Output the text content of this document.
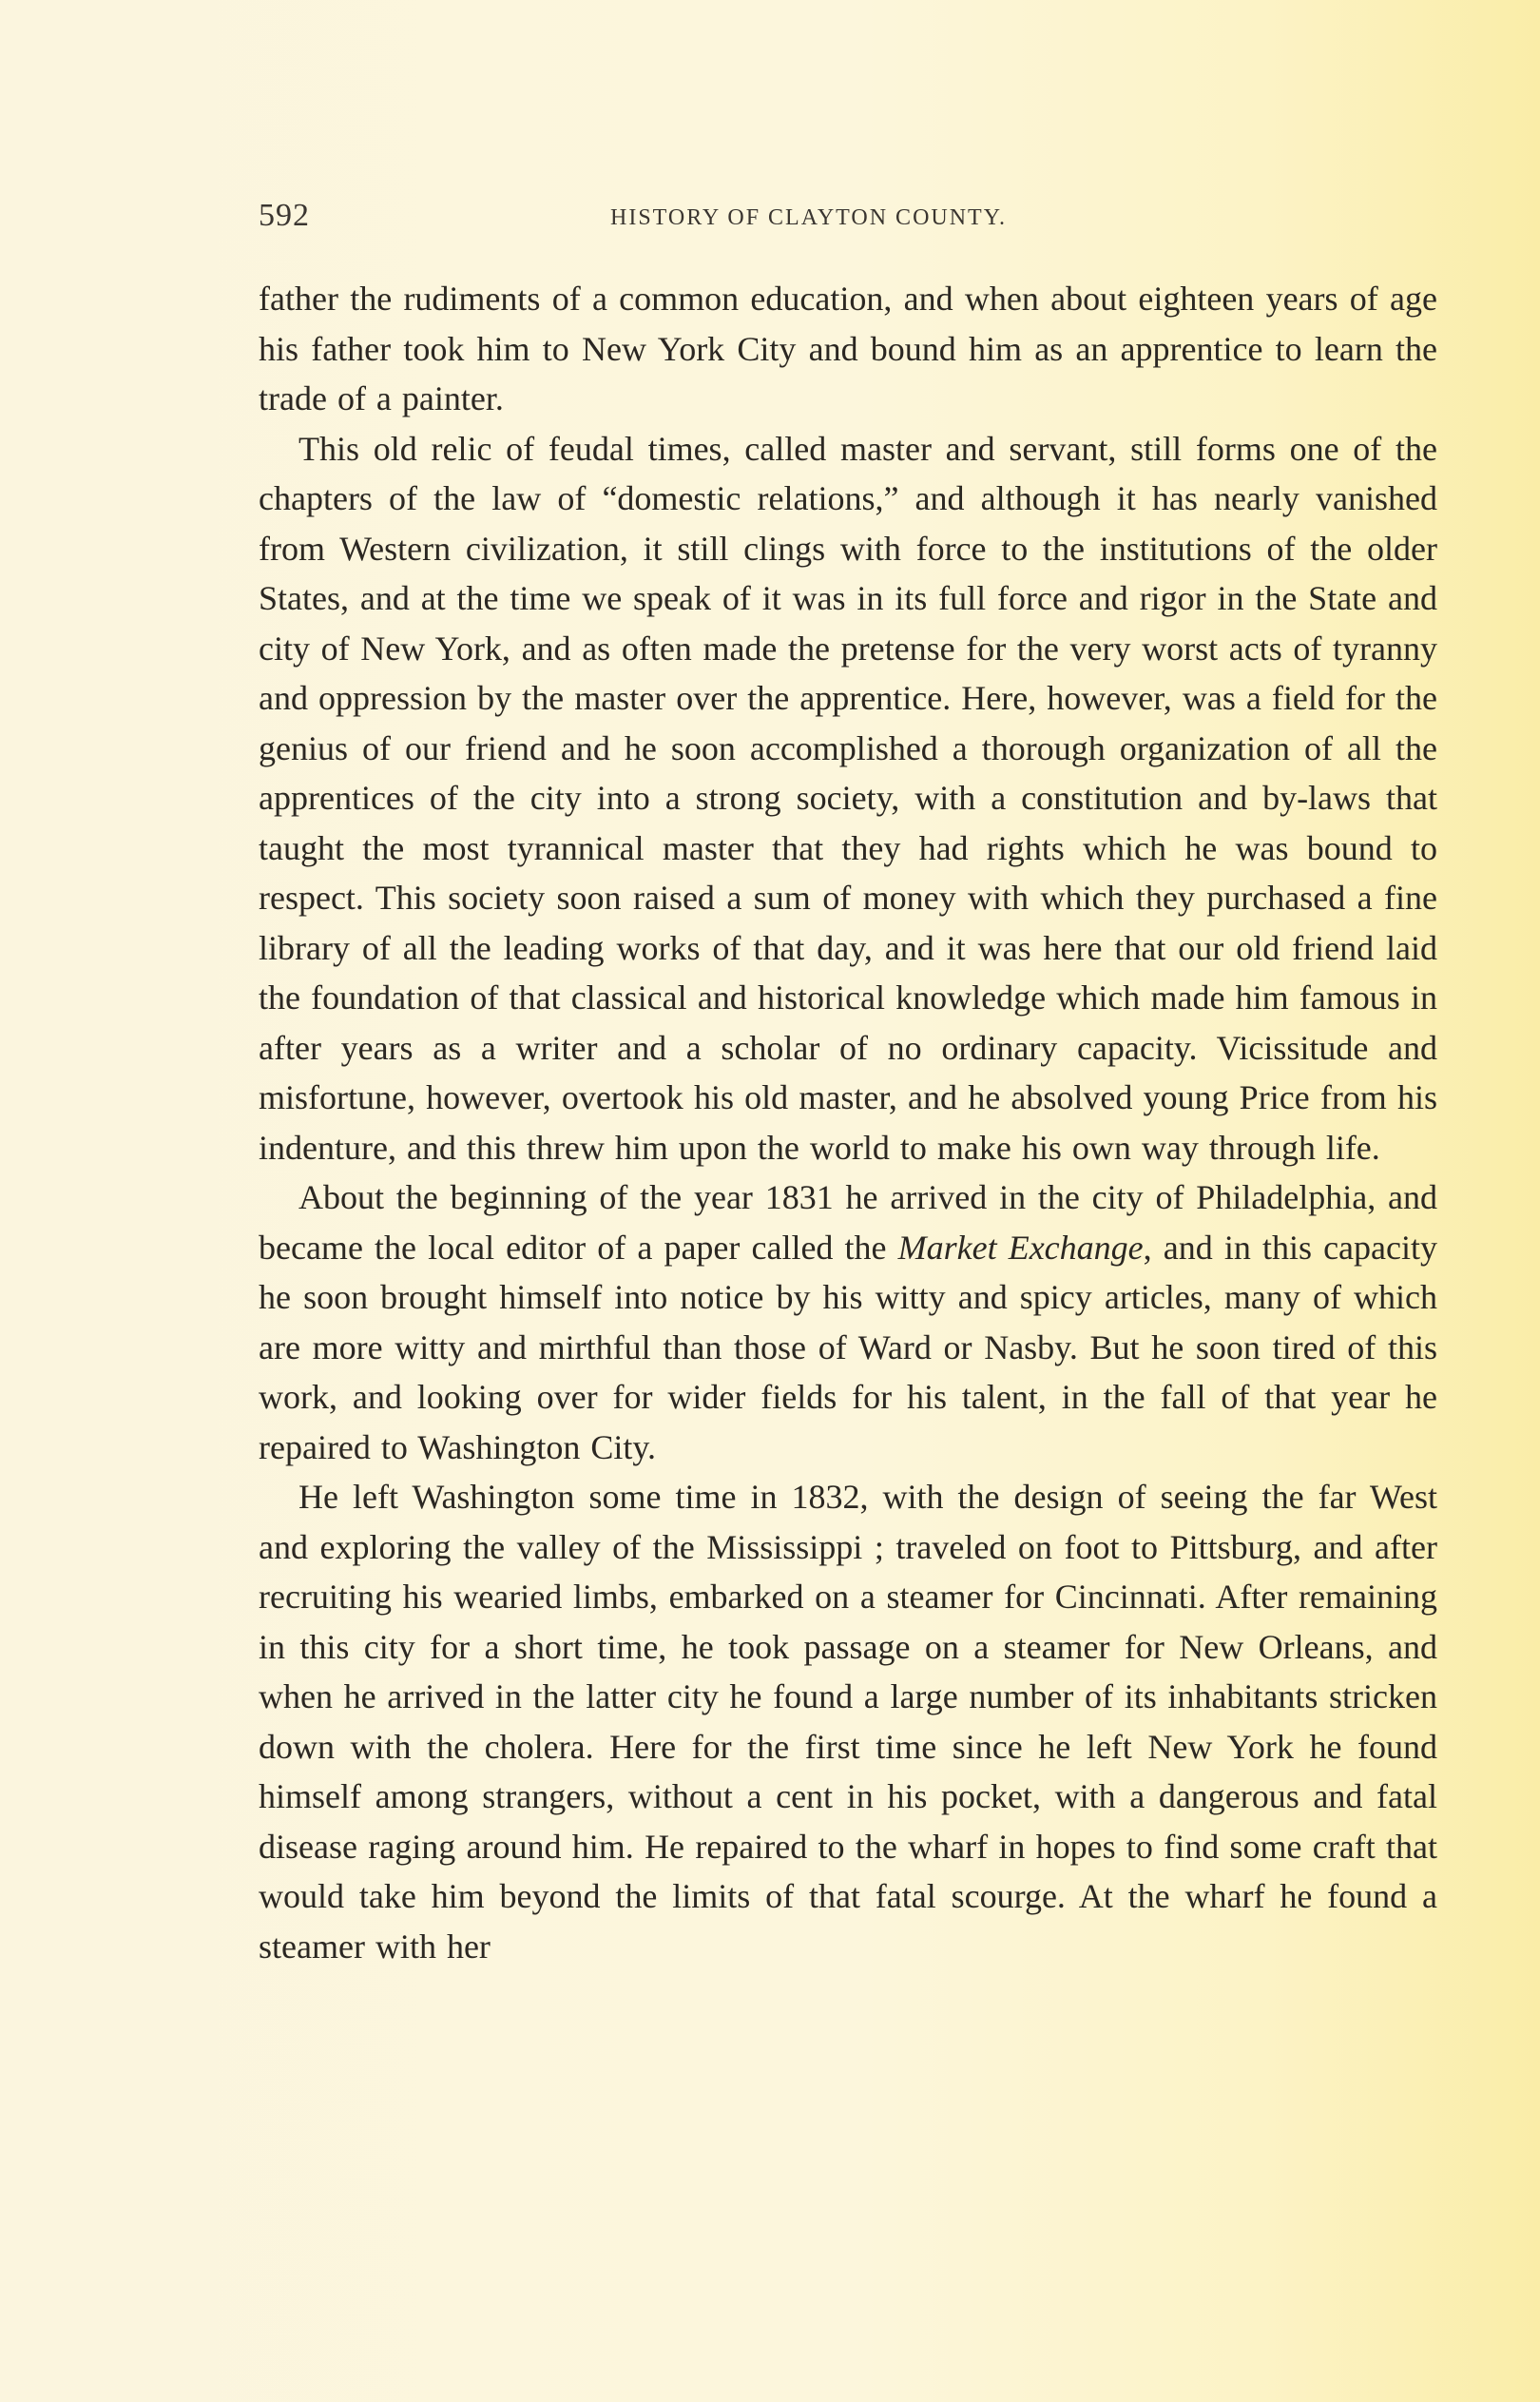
592	HISTORY OF CLAYTON COUNTY.

father the rudiments of a common education, and when about eighteen years of age his father took him to New York City and bound him as an apprentice to learn the trade of a painter.

This old relic of feudal times, called master and servant, still forms one of the chapters of the law of “domestic relations,” and although it has nearly vanished from Western civilization, it still clings with force to the institutions of the older States, and at the time we speak of it was in its full force and rigor in the State and city of New York, and as often made the pretense for the very worst acts of tyranny and oppression by the master over the apprentice. Here, however, was a field for the genius of our friend and he soon accomplished a thorough organization of all the apprentices of the city into a strong society, with a constitution and by-laws that taught the most tyrannical master that they had rights which he was bound to respect. This society soon raised a sum of money with which they purchased a fine library of all the leading works of that day, and it was here that our old friend laid the foundation of that classical and historical knowledge which made him famous in after years as a writer and a scholar of no ordinary capacity. Vicissitude and misfortune, however, overtook his old master, and he absolved young Price from his indenture, and this threw him upon the world to make his own way through life.

About the beginning of the year 1831 he arrived in the city of Philadelphia, and became the local editor of a paper called the Market Exchange, and in this capacity he soon brought himself into notice by his witty and spicy articles, many of which are more witty and mirthful than those of Ward or Nasby. But he soon tired of this work, and looking over for wider fields for his talent, in the fall of that year he repaired to Washington City.

He left Washington some time in 1832, with the design of seeing the far West and exploring the valley of the Mississippi ; traveled on foot to Pittsburg, and after recruiting his wearied limbs, embarked on a steamer for Cincinnati. After remaining in this city for a short time, he took passage on a steamer for New Orleans, and when he arrived in the latter city he found a large number of its inhabitants stricken down with the cholera. Here for the first time since he left New York he found himself among strangers, without a cent in his pocket, with a dangerous and fatal disease raging around him. He repaired to the wharf in hopes to find some craft that would take him beyond the limits of that fatal scourge. At the wharf he found a steamer with her
